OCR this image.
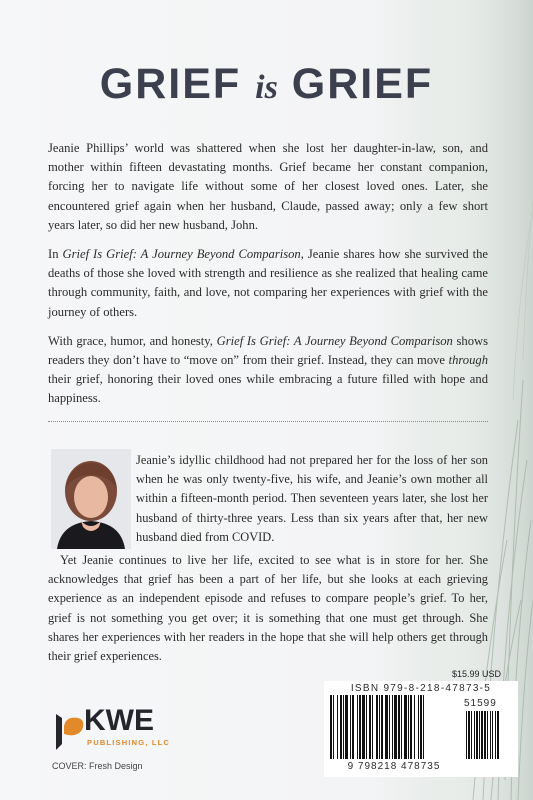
GRIEF is GRIEF

Jeanie Phillips’ world was shattered when she lost her daughter-in-law, son, and mother within fifteen devastating months. Grief became her constant companion, forcing her to navigate life without some of her closest loved ones. Later, she encountered grief again when her husband, Claude, passed away; only a few short years later, so did her new husband, John.

In Grief Is Grief: A Journey Beyond Comparison, Jeanie shares how she survived the deaths of those she loved with strength and resilience as she realized that healing came through community, faith, and love, not comparing her experiences with grief with the journey of others.

With grace, humor, and honesty, Grief Is Grief: A Journey Beyond Comparison shows readers they don’t have to “move on” from their grief. Instead, they can move through their grief, honoring their loved ones while embracing a future filled with hope and happiness.

Jeanie’s idyllic childhood had not prepared her for the loss of her son when he was only twenty-five, his wife, and Jeanie’s own mother all within a fifteen-month period. Then seventeen years later, she lost her husband of thirty-three years. Less than six years after that, her new husband died from COVID.

Yet Jeanie continues to live her life, excited to see what is in store for her. She acknowledges that grief has been a part of her life, but she looks at each grieving experience as an independent episode and refuses to compare people’s grief. To her, grief is not something you get over; it is something that one must get through. She shares her experiences with her readers in the hope that she will help others get through their grief experiences.

$15.99 USD
ISBN 979-8-218-47873-5
51599
9 798218 478735
KWE
PUBLISHING, LLC
COVER: Fresh Design
